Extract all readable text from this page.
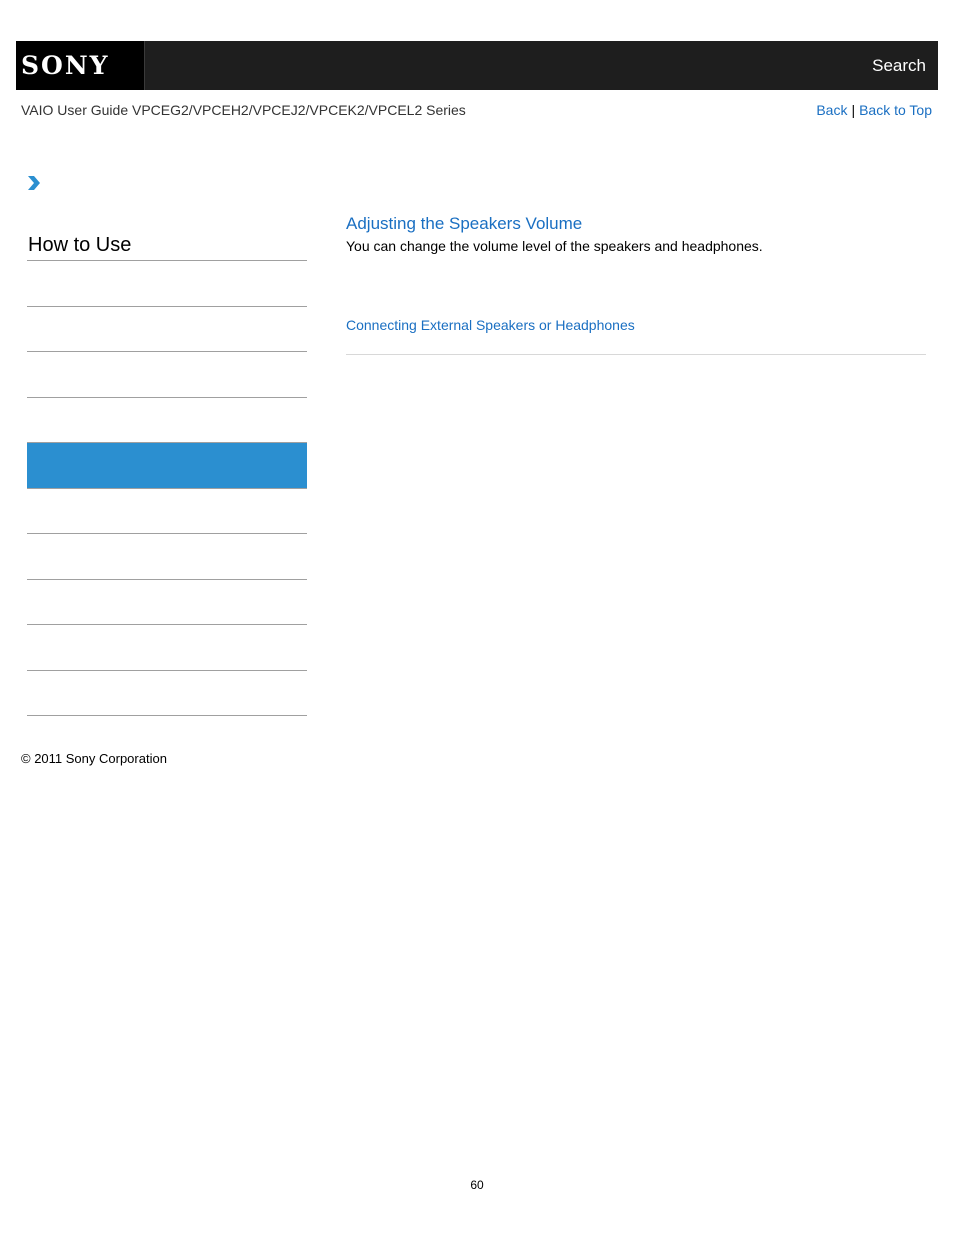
SONY	Search
VAIO User Guide VPCEG2/VPCEH2/VPCEJ2/VPCEK2/VPCEL2 Series	Back | Back to Top
How to Use
Adjusting the Speakers Volume
You can change the volume level of the speakers and headphones.
Connecting External Speakers or Headphones
© 2011 Sony Corporation
60
